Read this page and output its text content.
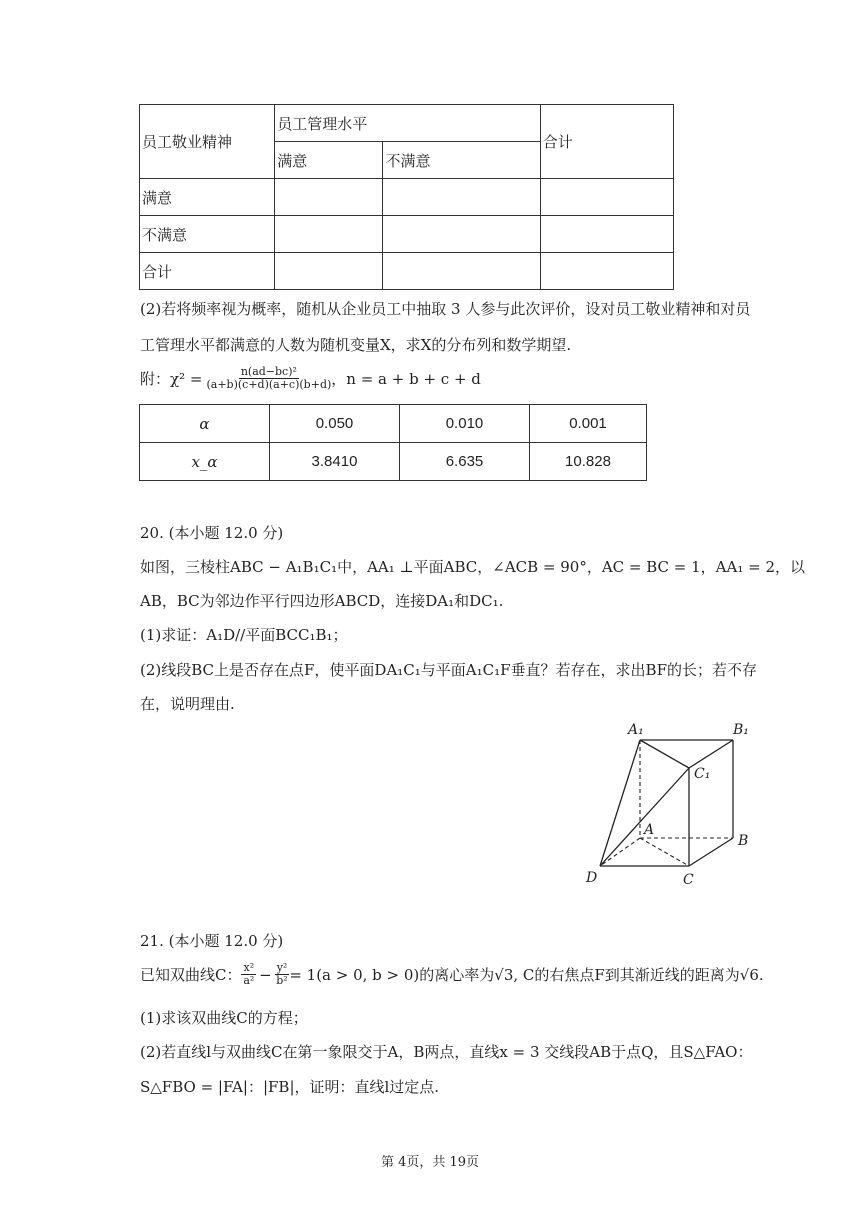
员工敬业精神	员工管理水平		合计
	满意	不满意	
满意			
不满意			
合计			
(2)若将频率视为概率，随机从企业员工中抽取 3 人参与此次评价，设对员工敬业精神和对员
工管理水平都满意的人数为随机变量X，求X的分布列和数学期望.
附： $\chi^2 = \frac{\text{n(ad−bc)²}}{(a+b)(c+d)(a+c)(b+d)}$ ，n = a + b + c + d
α	0.050	0.010	0.001
x_α	3.8410	6.635	10.828
20. (本小题 12.0 分)
如图，三棱柱ABC − A₁B₁C₁中，AA₁ ⊥平面ABC，∠ACB = 90°，AC = BC = 1，AA₁ = 2，以
AB，BC为邻边作平行四边形ABCD，连接DA₁和DC₁.
(1)求证：A₁D//平面BCC₁B₁；
(2)线段BC上是否存在点F，使平面DA₁C₁与平面A₁C₁F垂直？若存在，求出BF的长；若不存
在，说明理由.
A₁	B₁
C₁
A
B
C
D
21. (本小题 12.0 分)
已知双曲线C： $\frac{\text{x²}}{\text{a²}} - \frac{\text{y²}}{\text{b²}} = 1(a > 0$, b > 0)的离心率为√3, C的右焦点F到其渐近线的距离为√6.
(1)求该双曲线C的方程；
(2)若直线l与双曲线C在第一象限交于A，B两点，直线x = 3 交线段AB于点Q，且S△FAO：
S△FBO = |FA|：|FB|，证明：直线l过定点.
第 4页，共 19页
